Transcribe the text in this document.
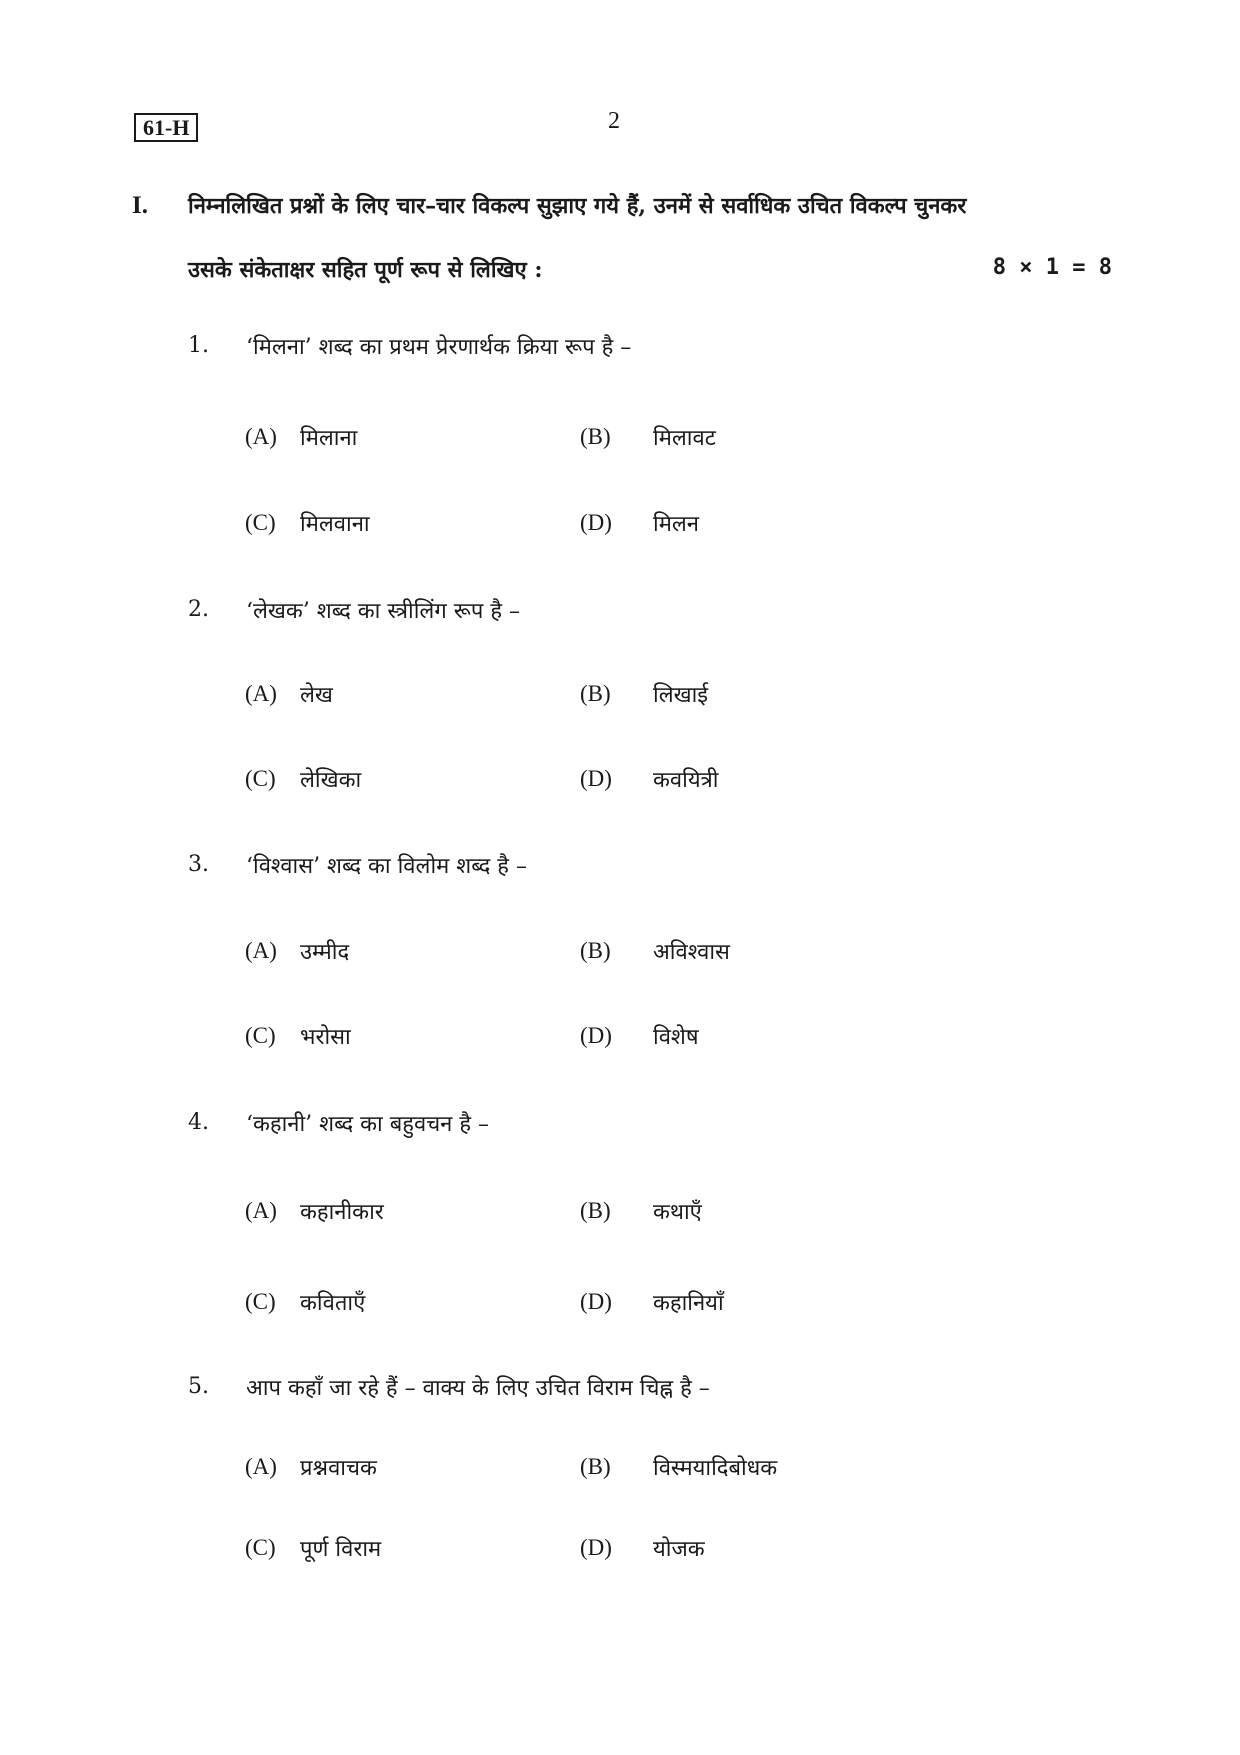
61-H	2
I. निम्नलिखित प्रश्नों के लिए चार–चार विकल्प सुझाए गये हैं, उनमें से सर्वाधिक उचित विकल्प चुनकर
उसके संकेताक्षर सहित पूर्ण रूप से लिखिए :	8 × 1 = 8
1. ‘मिलना’ शब्द का प्रथम प्रेरणार्थक क्रिया रूप है –
(A) मिलाना	(B) मिलावट
(C) मिलवाना	(D) मिलन
2. ‘लेखक’ शब्द का स्त्रीलिंग रूप है –
(A) लेख	(B) लिखाई
(C) लेखिका	(D) कवयित्री
3. ‘विश्वास’ शब्द का विलोम शब्द है –
(A) उम्मीद	(B) अविश्वास
(C) भरोसा	(D) विशेष
4. ‘कहानी’ शब्द का बहुवचन है –
(A) कहानीकार	(B) कथाएँ
(C) कविताएँ	(D) कहानियाँ
5. आप कहाँ जा रहे हैं – वाक्य के लिए उचित विराम चिह्न है –
(A) प्रश्नवाचक	(B) विस्मयादिबोधक
(C) पूर्ण विराम	(D) योजक
